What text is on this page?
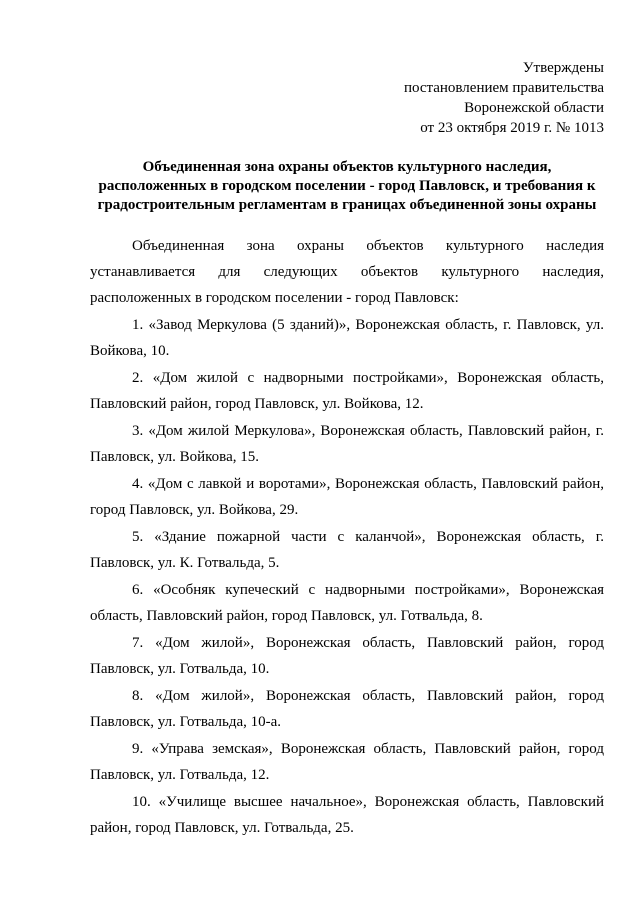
Утверждены
постановлением правительства
Воронежской области
от 23 октября 2019 г. № 1013
Объединенная зона охраны объектов культурного наследия,
расположенных в городском поселении - город Павловск, и требования к
градостроительным регламентам в границах объединенной зоны охраны

Объединенная зона охраны объектов культурного наследия устанавливается для следующих объектов культурного наследия, расположенных в городском поселении - город Павловск:

1. «Завод Меркулова (5 зданий)», Воронежская область, г. Павловск, ул. Войкова, 10.

2. «Дом жилой с надворными постройками», Воронежская область, Павловский район, город Павловск, ул. Войкова, 12.

3. «Дом жилой Меркулова», Воронежская область, Павловский район, г. Павловск, ул. Войкова, 15.

4. «Дом с лавкой и воротами», Воронежская область, Павловский район, город Павловск, ул. Войкова, 29.

5. «Здание пожарной части с каланчой», Воронежская область, г. Павловск, ул. К. Готвальда, 5.

6. «Особняк купеческий с надворными постройками», Воронежская область, Павловский район, город Павловск, ул. Готвальда, 8.

7. «Дом жилой», Воронежская область, Павловский район, город Павловск, ул. Готвальда, 10.

8. «Дом жилой», Воронежская область, Павловский район, город Павловск, ул. Готвальда, 10-а.

9. «Управа земская», Воронежская область, Павловский район, город Павловск, ул. Готвальда, 12.

10. «Училище высшее начальное», Воронежская область, Павловский район, город Павловск, ул. Готвальда, 25.
